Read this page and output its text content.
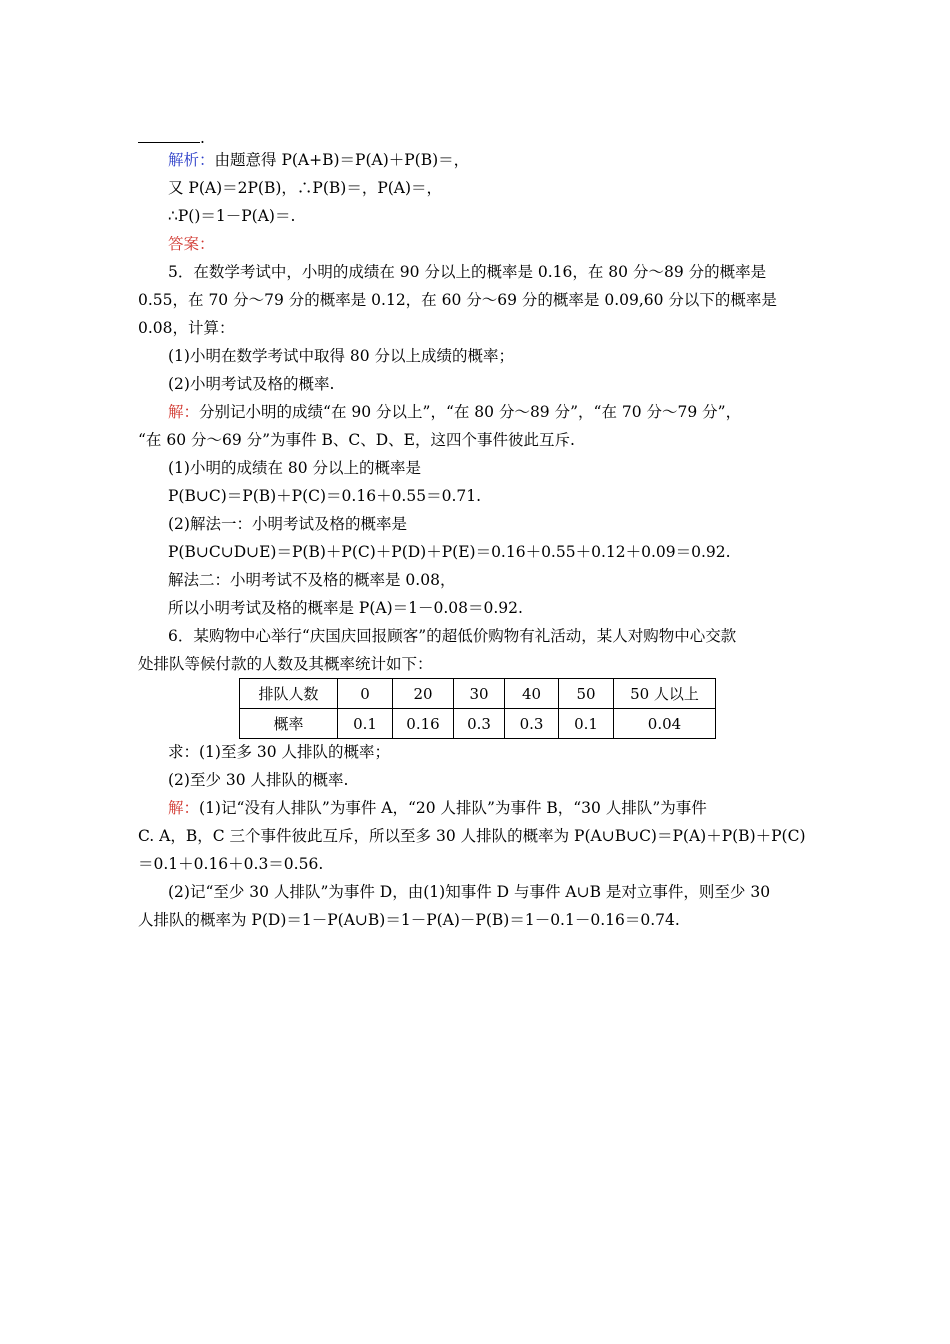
.
解析：由题意得 P(A+B)＝P(A)＋P(B)＝，
又 P(A)＝2P(B)，∴P(B)＝，P(A)＝，
∴P()＝1－P(A)＝.
答案：
5．在数学考试中，小明的成绩在 90 分以上的概率是 0.16，在 80 分～89 分的概率是
0.55，在 70 分～79 分的概率是 0.12，在 60 分～69 分的概率是 0.09,60 分以下的概率是
0.08，计算：
(1)小明在数学考试中取得 80 分以上成绩的概率；
(2)小明考试及格的概率.
解：分别记小明的成绩“在 90 分以上”，“在 80 分～89 分”，“在 70 分～79 分”，
“在 60 分～69 分”为事件 B、C、D、E，这四个事件彼此互斥.
(1)小明的成绩在 80 分以上的概率是
P(B∪C)＝P(B)＋P(C)＝0.16＋0.55＝0.71.
(2)解法一：小明考试及格的概率是
P(B∪C∪D∪E)＝P(B)＋P(C)＋P(D)＋P(E)＝0.16＋0.55＋0.12＋0.09＝0.92.
解法二：小明考试不及格的概率是 0.08，
所以小明考试及格的概率是 P(A)＝1－0.08＝0.92.
6．某购物中心举行“庆国庆回报顾客”的超低价购物有礼活动，某人对购物中心交款
处排队等候付款的人数及其概率统计如下：
排队人数	0	20	30	40	50	50 人以上
概率	0.1	0.16	0.3	0.3	0.1	0.04
求：(1)至多 30 人排队的概率；
(2)至少 30 人排队的概率.
解：(1)记“没有人排队”为事件 A，“20 人排队”为事件 B，“30 人排队”为事件
C. A，B，C 三个事件彼此互斥，所以至多 30 人排队的概率为 P(A∪B∪C)＝P(A)＋P(B)＋P(C)
＝0.1＋0.16＋0.3＝0.56.
(2)记“至少 30 人排队”为事件 D，由(1)知事件 D 与事件 A∪B 是对立事件，则至少 30
人排队的概率为 P(D)＝1－P(A∪B)＝1－P(A)－P(B)＝1－0.1－0.16＝0.74.
